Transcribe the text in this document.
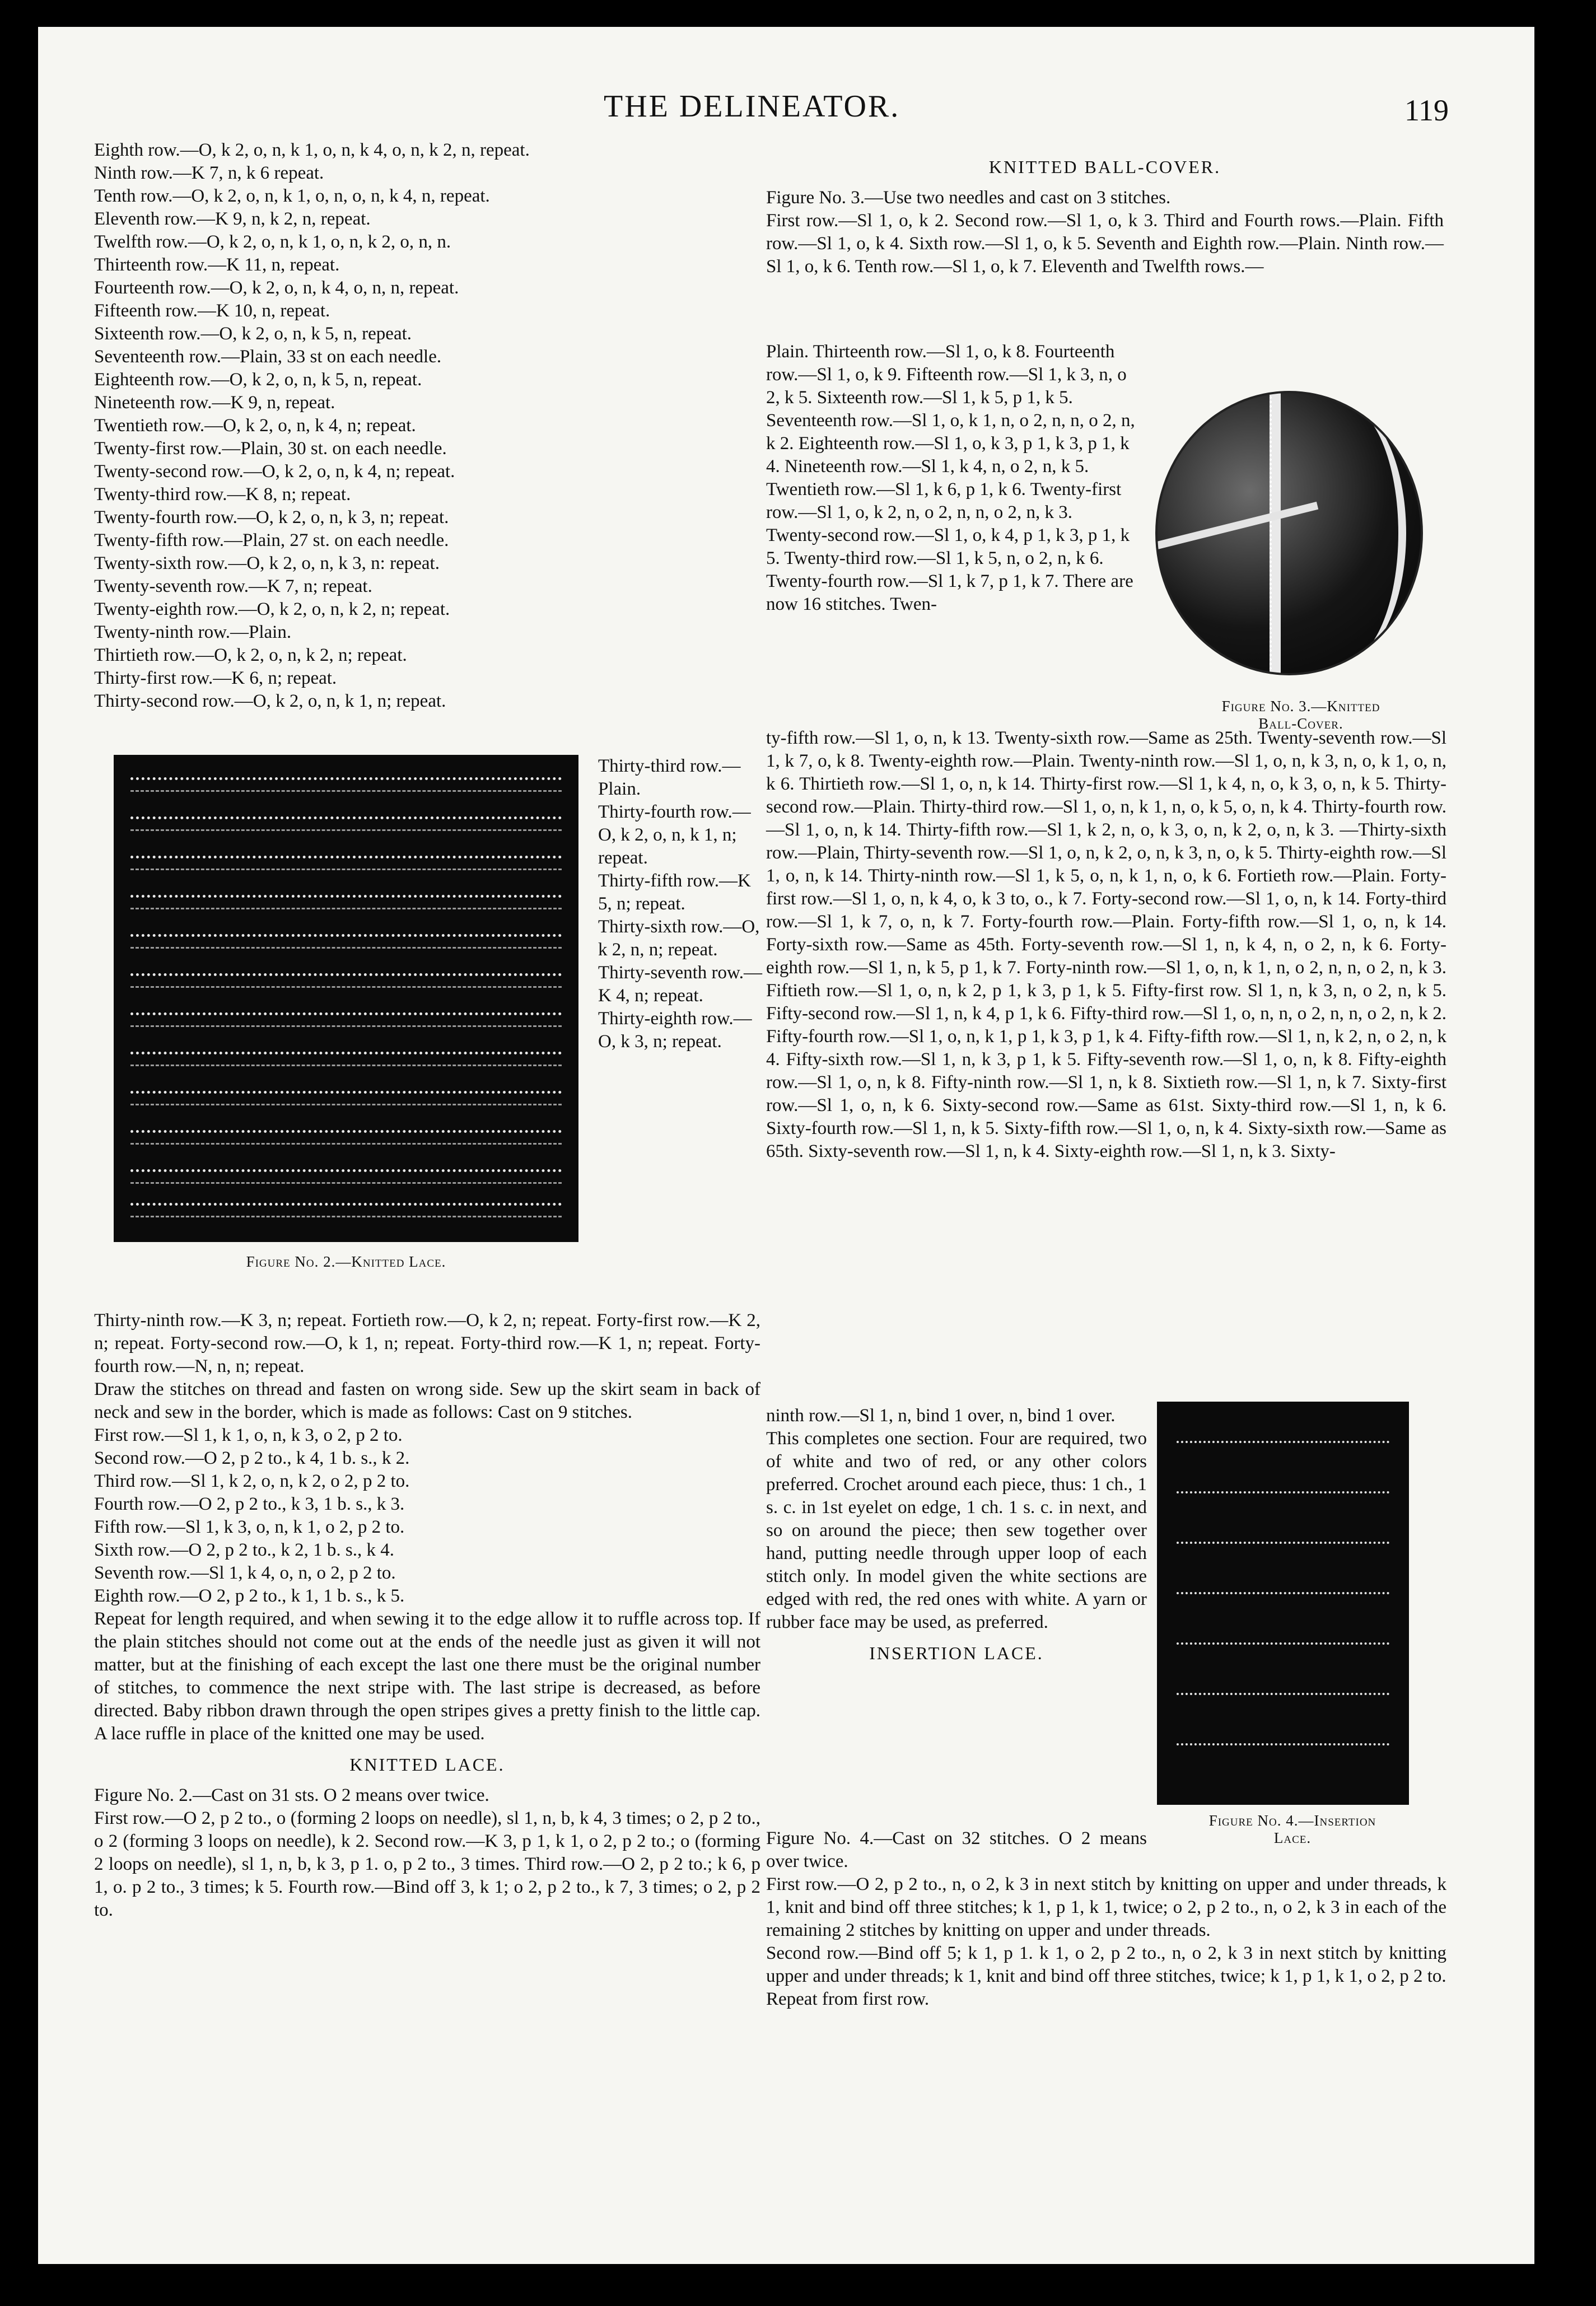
THE DELINEATOR.	119

Eighth row.—O, k 2, o, n, k 1, o, n, k 4, o, n, k 2, n, repeat.

Ninth row.—K 7, n, k 6 repeat.

Tenth row.—O, k 2, o, n, k 1, o, n, o, n, k 4, n, repeat.

Eleventh row.—K 9, n, k 2, n, repeat.

Twelfth row.—O, k 2, o, n, k 1, o, n, k 2, o, n, n.

Thirteenth row.—K 11, n, repeat.

Fourteenth row.—O, k 2, o, n, k 4, o, n, n, repeat.

Fifteenth row.—K 10, n, repeat.

Sixteenth row.—O, k 2, o, n, k 5, n, repeat.

Seventeenth row.—Plain, 33 st on each needle.

Eighteenth row.—O, k 2, o, n, k 5, n, repeat.

Nineteenth row.—K 9, n, repeat.

Twentieth row.—O, k 2, o, n, k 4, n; repeat.

Twenty-first row.—Plain, 30 st. on each needle.

Twenty-second row.—O, k 2, o, n, k 4, n; repeat.

Twenty-third row.—K 8, n; repeat.

Twenty-fourth row.—O, k 2, o, n, k 3, n; repeat.

Twenty-fifth row.—Plain, 27 st. on each needle.

Twenty-sixth row.—O, k 2, o, n, k 3, n: repeat.

Twenty-seventh row.—K 7, n; repeat.

Twenty-eighth row.—O, k 2, o, n, k 2, n; repeat.

Twenty-ninth row.—Plain.

Thirtieth row.—O, k 2, o, n, k 2, n; repeat.

Thirty-first row.—K 6, n; repeat.

Thirty-second row.—O, k 2, o, n, k 1, n; repeat.

Figure No. 2.—Knitted Lace.

Thirty-third row.—Plain.

Thirty-fourth row.—O, k 2, o, n, k 1, n; repeat.

Thirty-fifth row.—K 5, n; repeat.

Thirty-sixth row.—O, k 2, n, n; repeat.

Thirty-seventh row.—K 4, n; repeat.

Thirty-eighth row.—O, k 3, n; repeat.

Thirty-ninth row.—K 3, n; repeat. Fortieth row.—O, k 2, n; repeat. Forty-first row.—K 2, n; repeat. Forty-second row.—O, k 1, n; repeat. Forty-third row.—K 1, n; repeat. Forty-fourth row.—N, n, n; repeat.

Draw the stitches on thread and fasten on wrong side. Sew up the skirt seam in back of neck and sew in the border, which is made as follows: Cast on 9 stitches.

First row.—Sl 1, k 1, o, n, k 3, o 2, p 2 to.

Second row.—O 2, p 2 to., k 4, 1 b. s., k 2.

Third row.—Sl 1, k 2, o, n, k 2, o 2, p 2 to.

Fourth row.—O 2, p 2 to., k 3, 1 b. s., k 3.

Fifth row.—Sl 1, k 3, o, n, k 1, o 2, p 2 to.

Sixth row.—O 2, p 2 to., k 2, 1 b. s., k 4.

Seventh row.—Sl 1, k 4, o, n, o 2, p 2 to.

Eighth row.—O 2, p 2 to., k 1, 1 b. s., k 5.

Repeat for length required, and when sewing it to the edge allow it to ruffle across top. If the plain stitches should not come out at the ends of the needle just as given it will not matter, but at the finishing of each except the last one there must be the original number of stitches, to commence the next stripe with. The last stripe is decreased, as before directed. Baby ribbon drawn through the open stripes gives a pretty finish to the little cap. A lace ruffle in place of the knitted one may be used.

KNITTED LACE.

Figure No. 2.—Cast on 31 sts. O 2 means over twice.

First row.—O 2, p 2 to., o (forming 2 loops on needle), sl 1, n, b, k 4, 3 times; o 2, p 2 to., o 2 (forming 3 loops on needle), k 2. Second row.—K 3, p 1, k 1, o 2, p 2 to.; o (forming 2 loops on needle), sl 1, n, b, k 3, p 1. o, p 2 to., 3 times. Third row.—O 2, p 2 to.; k 6, p 1, o. p 2 to., 3 times; k 5. Fourth row.—Bind off 3, k 1; o 2, p 2 to., k 7, 3 times; o 2, p 2 to.

KNITTED BALL-COVER.

Figure No. 3.—Use two needles and cast on 3 stitches.

First row.—Sl 1, o, k 2. Second row.—Sl 1, o, k 3. Third and Fourth rows.—Plain. Fifth row.—Sl 1, o, k 4. Sixth row.—Sl 1, o, k 5. Seventh and Eighth row.—Plain. Ninth row.—Sl 1, o, k 6. Tenth row.—Sl 1, o, k 7. Eleventh and Twelfth rows.—

Plain. Thirteenth row.—Sl 1, o, k 8. Fourteenth row.—Sl 1, o, k 9. Fifteenth row.—Sl 1, k 3, n, o 2, k 5. Sixteenth row.—Sl 1, k 5, p 1, k 5. Seventeenth row.—Sl 1, o, k 1, n, o 2, n, n, o 2, n, k 2. Eighteenth row.—Sl 1, o, k 3, p 1, k 3, p 1, k 4. Nineteenth row.—Sl 1, k 4, n, o 2, n, k 5. Twentieth row.—Sl 1, k 6, p 1, k 6. Twenty-first row.—Sl 1, o, k 2, n, o 2, n, n, o 2, n, k 3. Twenty-second row.—Sl 1, o, k 4, p 1, k 3, p 1, k 5. Twenty-third row.—Sl 1, k 5, n, o 2, n, k 6. Twenty-fourth row.—Sl 1, k 7, p 1, k 7. There are now 16 stitches. Twen-

Figure No. 3.—Knitted
Ball-Cover.

ty-fifth row.—Sl 1, o, n, k 13. Twenty-sixth row.—Same as 25th. Twenty-seventh row.—Sl 1, k 7, o, k 8. Twenty-eighth row.—Plain. Twenty-ninth row.—Sl 1, o, n, k 3, n, o, k 1, o, n, k 6. Thirtieth row.—Sl 1, o, n, k 14. Thirty-first row.—Sl 1, k 4, n, o, k 3, o, n, k 5. Thirty-second row.—Plain. Thirty-third row.—Sl 1, o, n, k 1, n, o, k 5, o, n, k 4. Thirty-fourth row.—Sl 1, o, n, k 14. Thirty-fifth row.—Sl 1, k 2, n, o, k 3, o, n, k 2, o, n, k 3. —Thirty-sixth row.—Plain, Thirty-seventh row.—Sl 1, o, n, k 2, o, n, k 3, n, o, k 5. Thirty-eighth row.—Sl 1, o, n, k 14. Thirty-ninth row.—Sl 1, k 5, o, n, k 1, n, o, k 6. Fortieth row.—Plain. Forty-first row.—Sl 1, o, n, k 4, o, k 3 to, o., k 7. Forty-second row.—Sl 1, o, n, k 14. Forty-third row.—Sl 1, k 7, o, n, k 7. Forty-fourth row.—Plain. Forty-fifth row.—Sl 1, o, n, k 14. Forty-sixth row.—Same as 45th. Forty-seventh row.—Sl 1, n, k 4, n, o 2, n, k 6. Forty-eighth row.—Sl 1, n, k 5, p 1, k 7. Forty-ninth row.—Sl 1, o, n, k 1, n, o 2, n, n, o 2, n, k 3. Fiftieth row.—Sl 1, o, n, k 2, p 1, k 3, p 1, k 5. Fifty-first row. Sl 1, n, k 3, n, o 2, n, k 5. Fifty-second row.—Sl 1, n, k 4, p 1, k 6. Fifty-third row.—Sl 1, o, n, n, o 2, n, n, o 2, n, k 2. Fifty-fourth row.—Sl 1, o, n, k 1, p 1, k 3, p 1, k 4. Fifty-fifth row.—Sl 1, n, k 2, n, o 2, n, k 4. Fifty-sixth row.—Sl 1, n, k 3, p 1, k 5. Fifty-seventh row.—Sl 1, o, n, k 8. Fifty-eighth row.—Sl 1, o, n, k 8. Fifty-ninth row.—Sl 1, n, k 8. Sixtieth row.—Sl 1, n, k 7. Sixty-first row.—Sl 1, o, n, k 6. Sixty-second row.—Same as 61st. Sixty-third row.—Sl 1, n, k 6. Sixty-fourth row.—Sl 1, n, k 5. Sixty-fifth row.—Sl 1, o, n, k 4. Sixty-sixth row.—Same as 65th. Sixty-seventh row.—Sl 1, n, k 4. Sixty-eighth row.—Sl 1, n, k 3. Sixty-

ninth row.—Sl 1, n, bind 1 over, n, bind 1 over.

This completes one section. Four are required, two of white and two of red, or any other colors preferred. Crochet around each piece, thus: 1 ch., 1 s. c. in 1st eyelet on edge, 1 ch. 1 s. c. in next, and so on around the piece; then sew together over hand, putting needle through upper loop of each stitch only. In model given the white sections are edged with red, the red ones with white. A yarn or rubber face may be used, as preferred.

INSERTION LACE.
Figure No. 4.—Insertion
Lace.

Figure No. 4.—Cast on 32 stitches. O 2 means over twice.

First row.—O 2, p 2 to., n, o 2, k 3 in next stitch by knitting on upper and under threads, k 1, knit and bind off three stitches; k 1, p 1, k 1, twice; o 2, p 2 to., n, o 2, k 3 in each of the remaining 2 stitches by knitting on upper and under threads.

Second row.—Bind off 5; k 1, p 1. k 1, o 2, p 2 to., n, o 2, k 3 in next stitch by knitting upper and under threads; k 1, knit and bind off three stitches, twice; k 1, p 1, k 1, o 2, p 2 to.

Repeat from first row.
